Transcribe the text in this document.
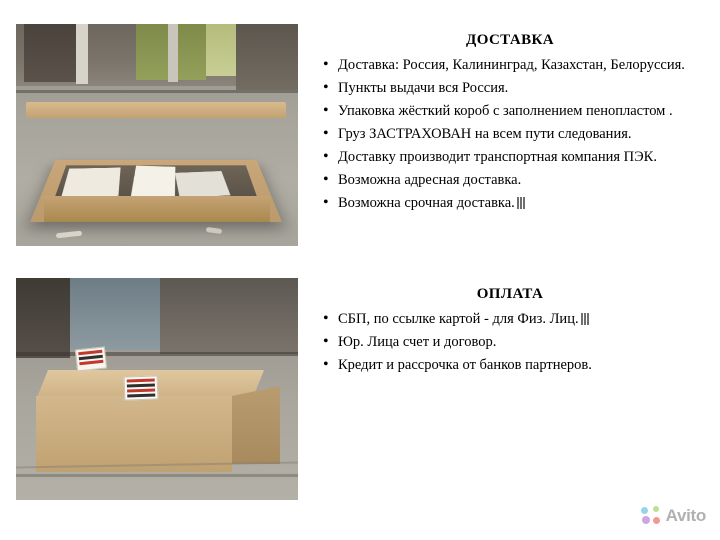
ДОСТАВКА
• Доставка: Россия, Калининград, Казахстан, Белоруссия.
• Пункты выдачи вся Россия.
• Упаковка жёсткий короб с заполнением пенопластом .
• Груз ЗАСТРАХОВАН на всем пути следования.
• Доставку производит транспортная компания ПЭК.
• Возможна адресная доставка.
• Возможна срочная доставка.
ОПЛАТА
• СБП, по ссылке картой - для Физ. Лиц.
• Юр. Лица счет и договор.
• Кредит и рассрочка от банков партнеров.
Avito
